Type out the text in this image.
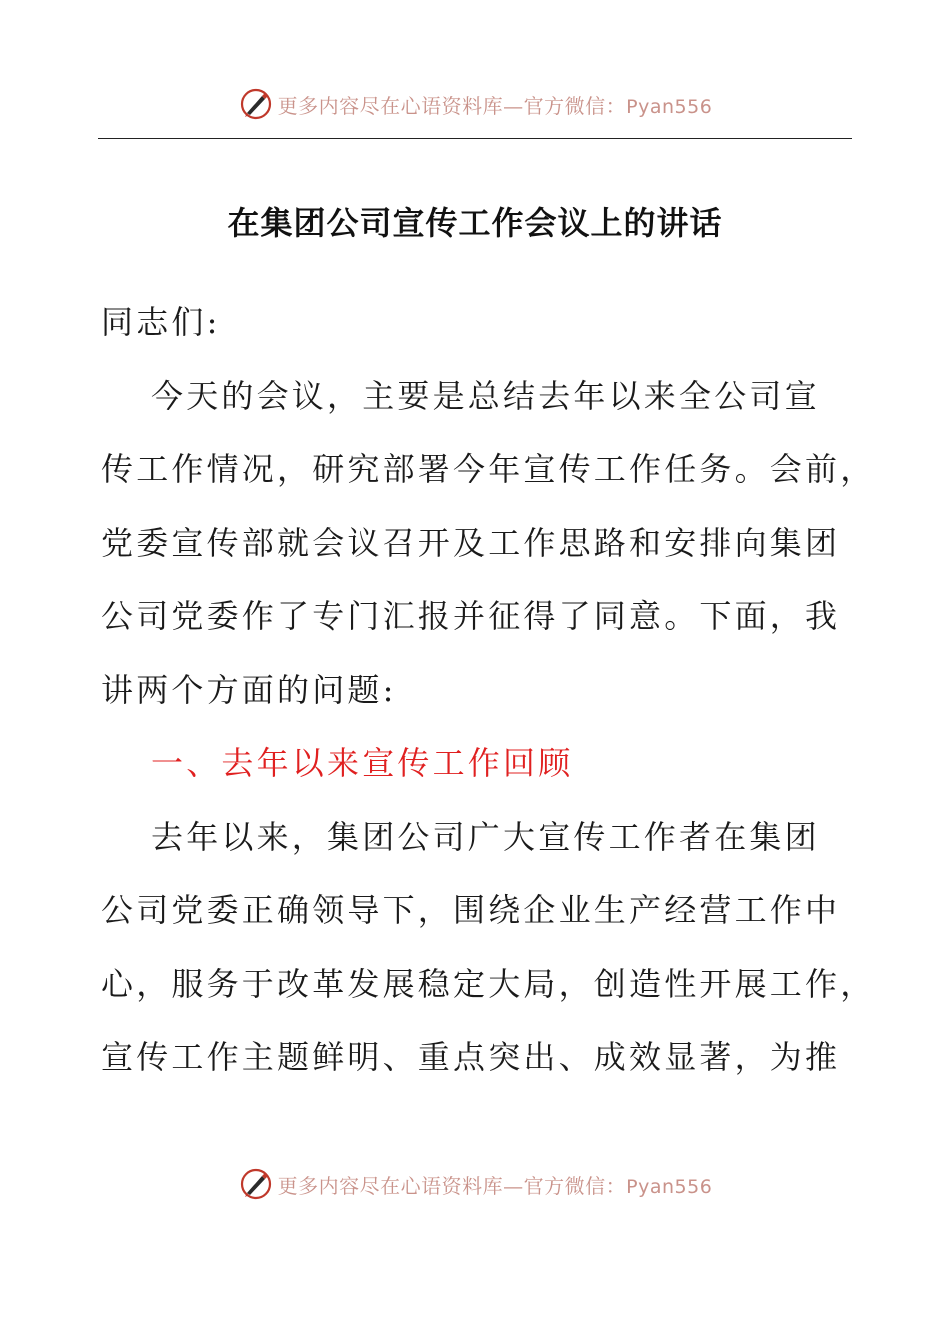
更多内容尽在心语资料库—官方微信：Pyan556
在集团公司宣传工作会议上的讲话
同志们:
今天的会议，主要是总结去年以来全公司宣
传工作情况，研究部署今年宣传工作任务。会前，
党委宣传部就会议召开及工作思路和安排向集团
公司党委作了专门汇报并征得了同意。下面，我
讲两个方面的问题:
一、去年以来宣传工作回顾
去年以来，集团公司广大宣传工作者在集团
公司党委正确领导下，围绕企业生产经营工作中
心，服务于改革发展稳定大局，创造性开展工作，
宣传工作主题鲜明、重点突出、成效显著，为推
更多内容尽在心语资料库—官方微信：Pyan556
